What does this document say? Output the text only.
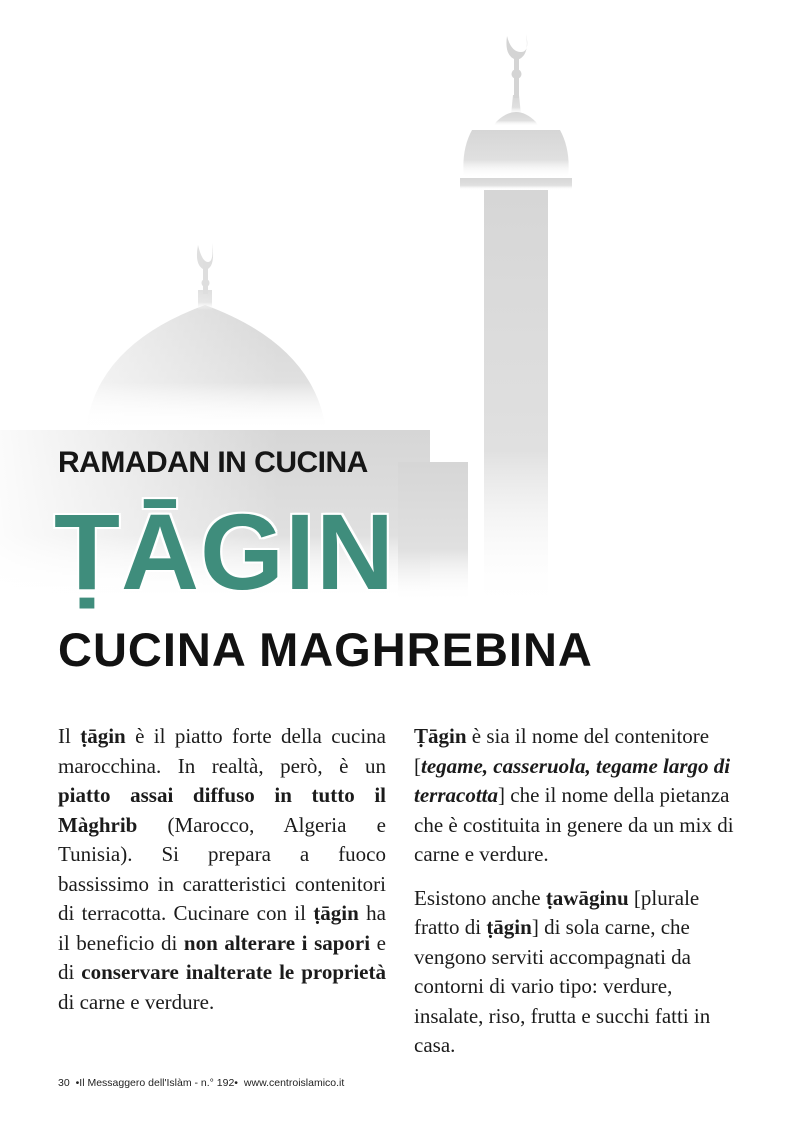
RAMADAN IN CUCINA
ṬĀGIN
CUCINA MAGHREBINA

Il ṭāgin è il piatto forte della cucina marocchina. In realtà, però, è un piatto assai diffuso in tutto il Màghrib (Marocco, Algeria e Tunisia). Si prepara a fuoco bassissimo in caratteristici contenitori di terracotta. Cucinare con il ṭāgin ha il beneficio di non alterare i sapori e di conservare inalterate le proprietà di carne e verdure.

Ṭāgin è sia il nome del contenitore [tegame, casseruola, tegame largo di terracotta] che il nome della pietanza che è costituita in genere da un mix di carne e verdure.

Esistono anche ṭawāginu [plurale fratto di ṭāgin] di sola carne, che vengono serviti accompagnati da contorni di vario tipo: verdure, insalate, riso, frutta e succhi fatti in casa.

30 •Il Messaggero dell'Islàm - n.° 192• www.centroislamico.it
